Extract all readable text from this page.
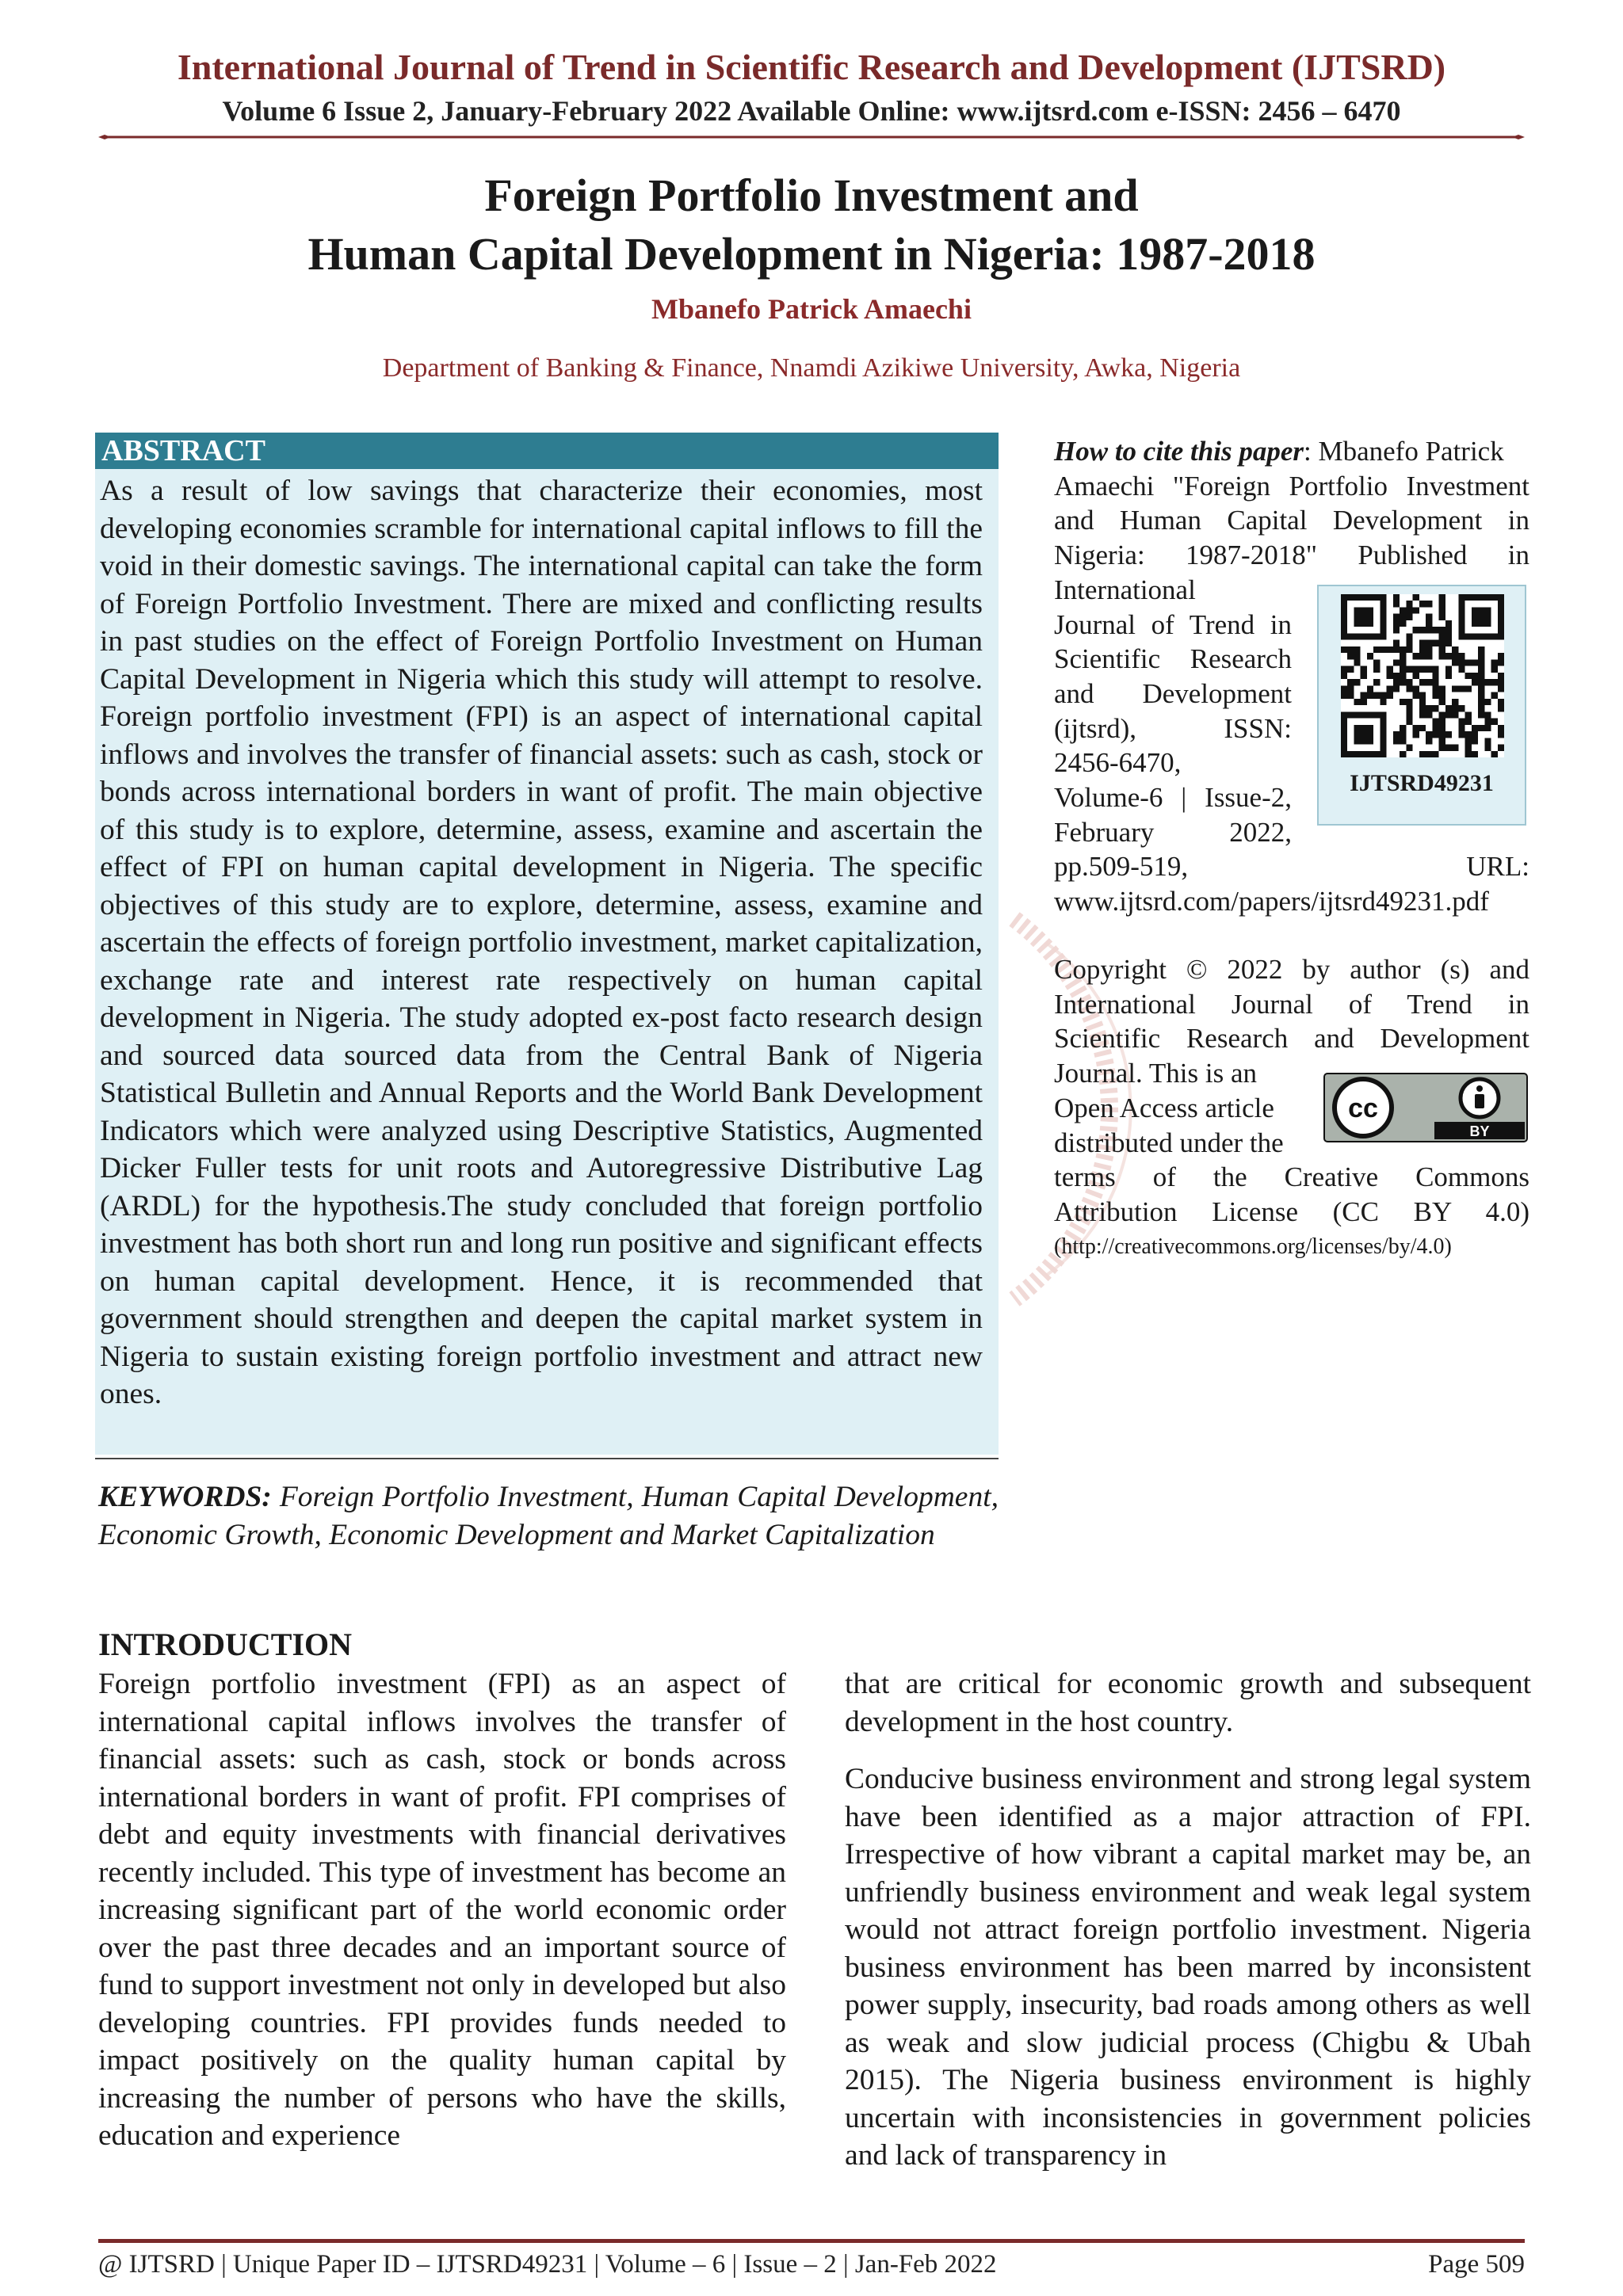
International Journal of Trend in Scientific Research and Development (IJTSRD)
Volume 6 Issue 2, January-February 2022 Available Online: www.ijtsrd.com e-ISSN: 2456 – 6470
Foreign Portfolio Investment and
Human Capital Development in Nigeria: 1987-2018
Mbanefo Patrick Amaechi
Department of Banking & Finance, Nnamdi Azikiwe University, Awka, Nigeria
ABSTRACT
As a result of low savings that characterize their economies, most developing economies scramble for international capital inflows to fill the void in their domestic savings. The international capital can take the form of Foreign Portfolio Investment. There are mixed and conflicting results in past studies on the effect of Foreign Portfolio Investment on Human Capital Development in Nigeria which this study will attempt to resolve. Foreign portfolio investment (FPI) is an aspect of international capital inflows and involves the transfer of financial assets: such as cash, stock or bonds across international borders in want of profit. The main objective of this study is to explore, determine, assess, examine and ascertain the effect of FPI on human capital development in Nigeria. The specific objectives of this study are to explore, determine, assess, examine and ascertain the effects of foreign portfolio investment, market capitalization, exchange rate and interest rate respectively on human capital development in Nigeria. The study adopted ex-post facto research design and sourced data sourced data from the Central Bank of Nigeria Statistical Bulletin and Annual Reports and the World Bank Development Indicators which were analyzed using Descriptive Statistics, Augmented Dicker Fuller tests for unit roots and Autoregressive Distributive Lag (ARDL) for the hypothesis.The study concluded that foreign portfolio investment has both short run and long run positive and significant effects on human capital development. Hence, it is recommended that government should strengthen and deepen the capital market system in Nigeria to sustain existing foreign portfolio investment and attract new ones.
KEYWORDS: Foreign Portfolio Investment, Human Capital Development, Economic Growth, Economic Development and Market Capitalization
How to cite this paper: Mbanefo Patrick
Amaechi "Foreign Portfolio Investment
and Human Capital Development in
Nigeria: 1987-2018" Published in
International
Journal of Trend in
Scientific Research
and Development
(ijtsrd), ISSN:
2456-6470,
Volume-6 | Issue-2,
February 2022,
pp.509-519, URL:
www.ijtsrd.com/papers/ijtsrd49231.pdf
IJTSRD49231
Copyright © 2022 by author (s) and
International Journal of Trend in
Scientific Research and Development
Journal. This is an
Open Access article
distributed under the
terms of the Creative Commons
Attribution License (CC BY 4.0)
(http://creativecommons.org/licenses/by/4.0)
cc
BY
INTRODUCTION
Foreign portfolio investment (FPI) as an aspect of international capital inflows involves the transfer of financial assets: such as cash, stock or bonds across international borders in want of profit. FPI comprises of debt and equity investments with financial derivatives recently included. This type of investment has become an increasing significant part of the world economic order over the past three decades and an important source of fund to support investment not only in developed but also developing countries. FPI provides funds needed to impact positively on the quality human capital by increasing the number of persons who have the skills, education and experience
that are critical for economic growth and subsequent development in the host country.
Conducive business environment and strong legal system have been identified as a major attraction of FPI. Irrespective of how vibrant a capital market may be, an unfriendly business environment and weak legal system would not attract foreign portfolio investment. Nigeria business environment has been marred by inconsistent power supply, insecurity, bad roads among others as well as weak and slow judicial process (Chigbu & Ubah 2015). The Nigeria business environment is highly uncertain with inconsistencies in government policies and lack of transparency in
@ IJTSRD | Unique Paper ID – IJTSRD49231 | Volume – 6 | Issue – 2 | Jan-Feb 2022	Page 509
